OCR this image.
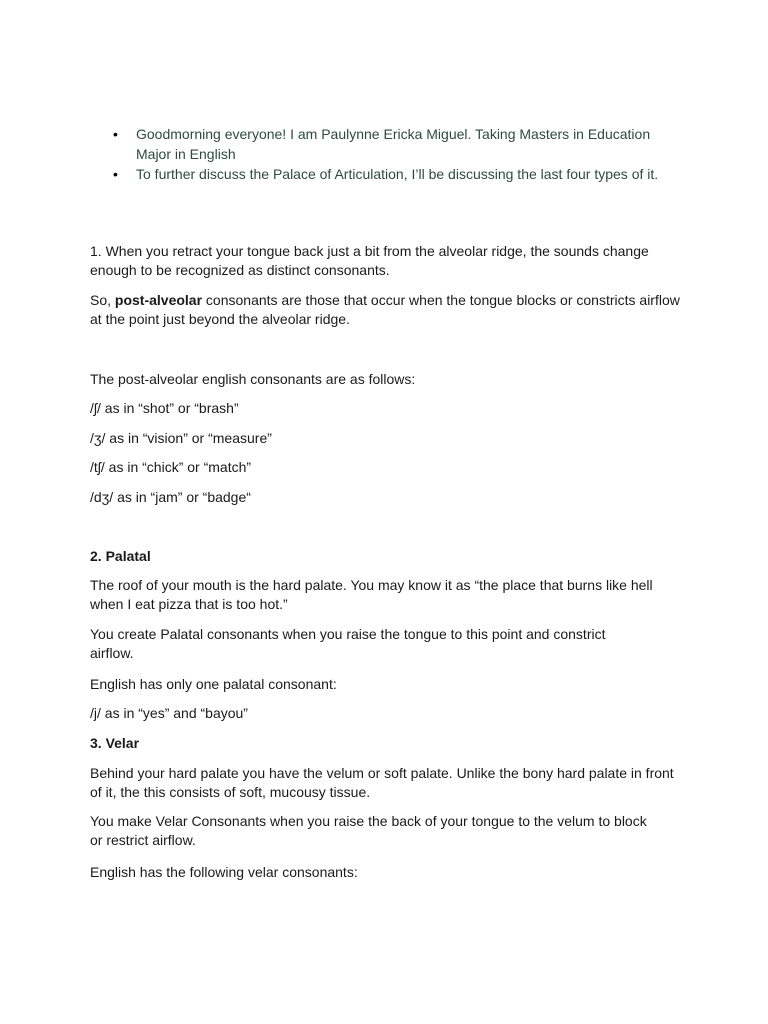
• Goodmorning everyone! I am Paulynne Ericka Miguel. Taking Masters in Education Major in English
• To further discuss the Palace of Articulation, I’ll be discussing the last four types of it.

1. When you retract your tongue back just a bit from the alveolar ridge, the sounds change enough to be recognized as distinct consonants.

So, post-alveolar consonants are those that occur when the tongue blocks or constricts airflow at the point just beyond the alveolar ridge.

The post-alveolar english consonants are as follows:

/ʃ/ as in “shot” or “brash”

/ʒ/ as in “vision” or “measure”

/tʃ/ as in “chick” or “match”

/dʒ/ as in “jam” or “badge“

2. Palatal

The roof of your mouth is the hard palate. You may know it as “the place that burns like hell when I eat pizza that is too hot.”

You create Palatal consonants when you raise the tongue to this point and constrict airflow.

English has only one palatal consonant:

/j/ as in “yes” and “bayou”

3. Velar

Behind your hard palate you have the velum or soft palate. Unlike the bony hard palate in front of it, the this consists of soft, mucousy tissue.

You make Velar Consonants when you raise the back of your tongue to the velum to block or restrict airflow.

English has the following velar consonants:
